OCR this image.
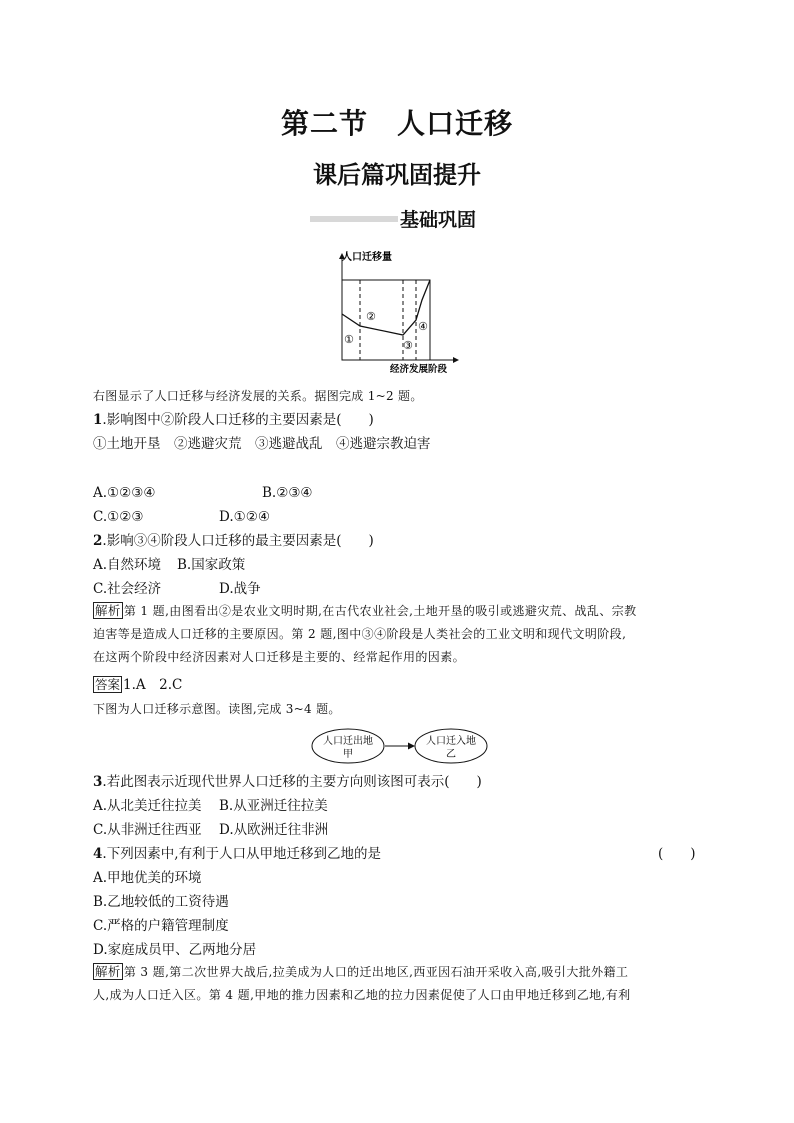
第二节　人口迁移
课后篇巩固提升
基础巩固
人口迁移量
①
②
③
④
经济发展阶段
右图显示了人口迁移与经济发展的关系。据图完成 1~2 题。
1.影响图中②阶段人口迁移的主要因素是(　　)
①土地开垦　②逃避灾荒　③逃避战乱　④逃避宗教迫害
A.①②③④	B.②③④
C.①②③	D.①②④
2.影响③④阶段人口迁移的最主要因素是(　　)
A.自然环境 B.国家政策
C.社会经济	D.战争
解析 第 1 题,由图看出②是农业文明时期,在古代农业社会,土地开垦的吸引或逃避灾荒、战乱、宗教
迫害等是造成人口迁移的主要原因。第 2 题,图中③④阶段是人类社会的工业文明和现代文明阶段,
在这两个阶段中经济因素对人口迁移是主要的、经常起作用的因素。
答案 1.A　2.C
下图为人口迁移示意图。读图,完成 3~4 题。
人口迁出地
甲
人口迁入地
乙
3.若此图表示近现代世界人口迁移的主要方向则该图可表示(　　)
A.从北美迁往拉美 B.从亚洲迁往拉美
C.从非洲迁往西亚 D.从欧洲迁往非洲
4.下列因素中,有利于人口从甲地迁移到乙地的是	(　　)
A.甲地优美的环境
B.乙地较低的工资待遇
C.严格的户籍管理制度
D.家庭成员甲、乙两地分居
解析 第 3 题,第二次世界大战后,拉美成为人口的迁出地区,西亚因石油开采收入高,吸引大批外籍工
人,成为人口迁入区。第 4 题,甲地的推力因素和乙地的拉力因素促使了人口由甲地迁移到乙地,有利
